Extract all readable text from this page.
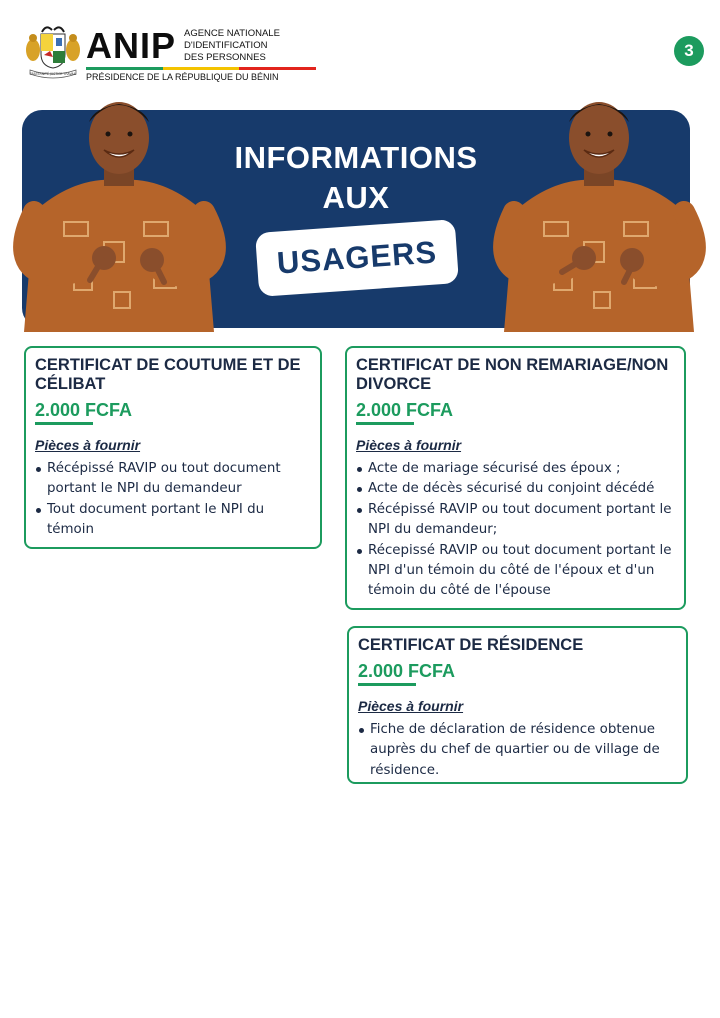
FRATERNITÉ JUSTICE TRAVAIL
ANIP AGENCE NATIONALE
D'IDENTIFICATION
DES PERSONNES
PRÉSIDENCE DE LA RÉPUBLIQUE DU BÉNIN
3
INFORMATIONS
AUX
USAGERS
CERTIFICAT DE COUTUME ET DE CÉLIBAT
2.000 FCFA
Pièces à fournir
Récépissé RAVIP ou tout document portant le NPI du demandeur
Tout document portant le NPI du témoin
CERTIFICAT DE NON REMARIAGE/NON DIVORCE
2.000 FCFA
Pièces à fournir
Acte de mariage sécurisé des époux ;
Acte de décès sécurisé du conjoint décédé
Récépissé RAVIP ou tout document portant le NPI du demandeur;
Récepissé RAVIP ou tout document portant le NPI d'un témoin du côté de l'époux et d'un témoin du côté de l'épouse
CERTIFICAT DE RÉSIDENCE
2.000 FCFA
Pièces à fournir
Fiche de déclaration de résidence obtenue auprès du chef de quartier ou de village de résidence.
